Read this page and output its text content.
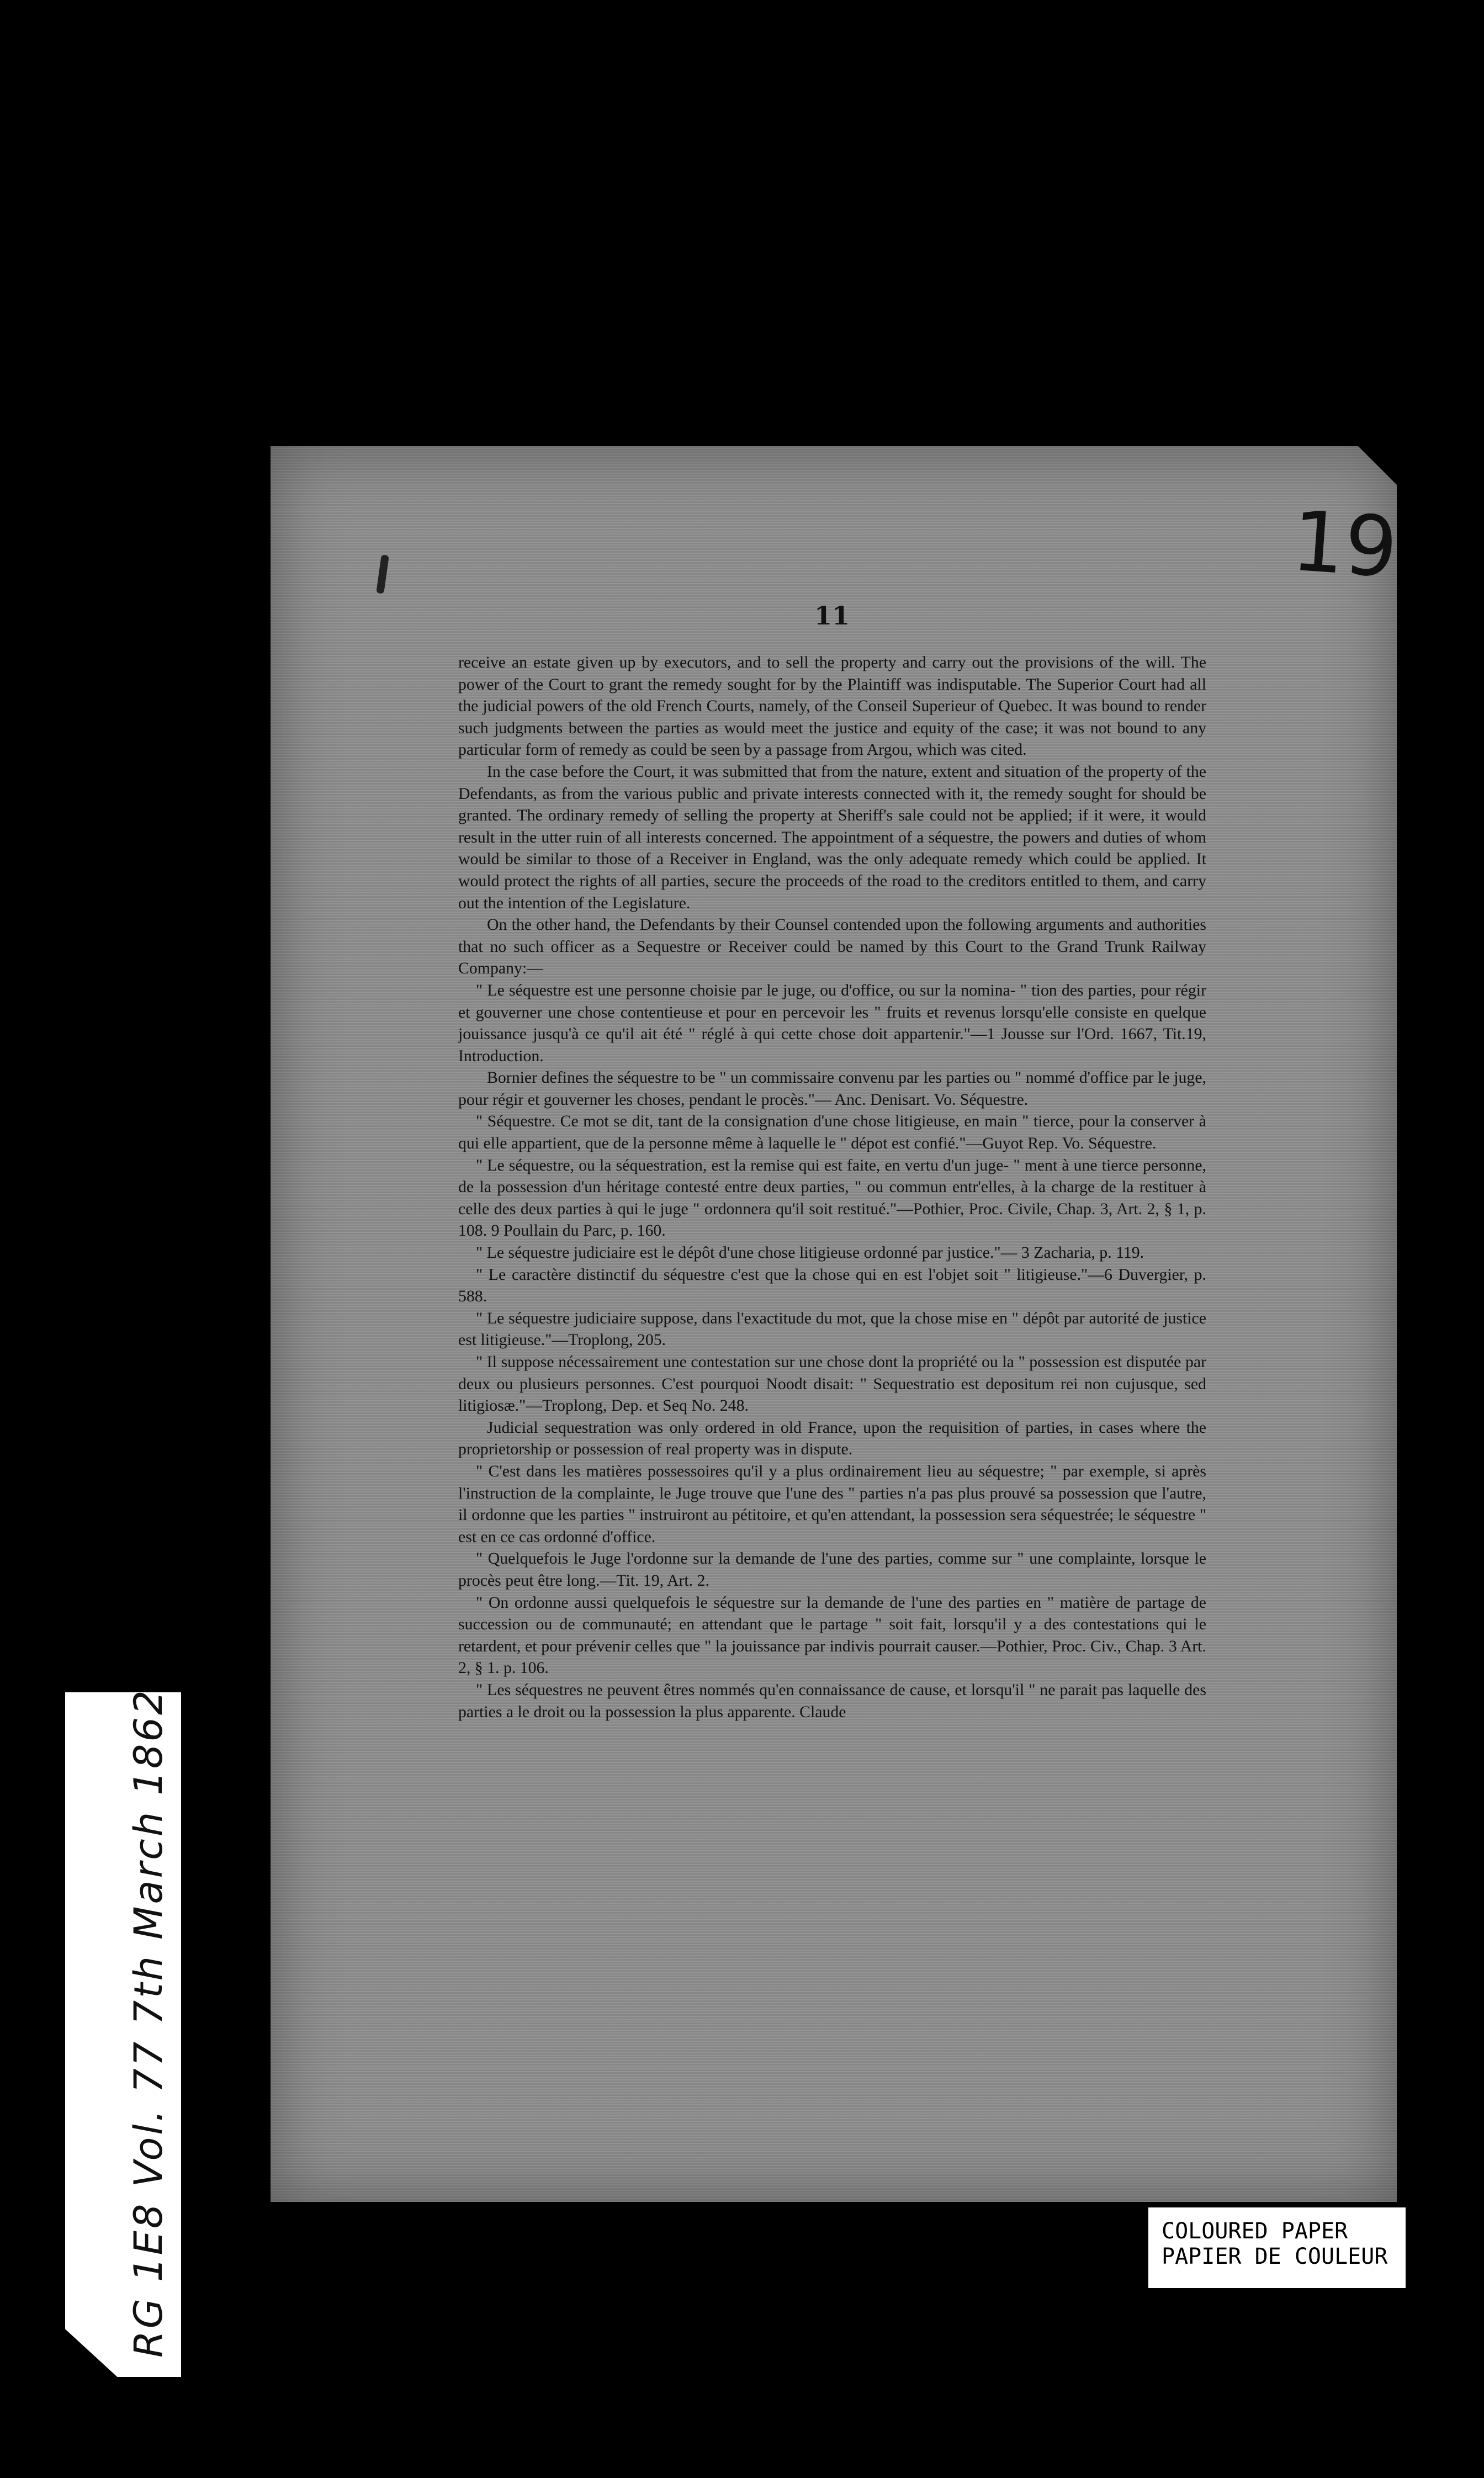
19
11

receive an estate given up by executors, and to sell the property and carry out the provisions of the will. The power of the Court to grant the remedy sought for by the Plaintiff was indisputable. The Superior Court had all the judicial powers of the old French Courts, namely, of the Conseil Superieur of Quebec. It was bound to render such judgments between the parties as would meet the justice and equity of the case; it was not bound to any particular form of remedy as could be seen by a passage from Argou, which was cited.

In the case before the Court, it was submitted that from the nature, extent and situation of the property of the Defendants, as from the various public and private interests connected with it, the remedy sought for should be granted. The ordinary remedy of selling the property at Sheriff's sale could not be applied; if it were, it would result in the utter ruin of all interests concerned. The appointment of a séquestre, the powers and duties of whom would be similar to those of a Receiver in England, was the only adequate remedy which could be applied. It would protect the rights of all parties, secure the proceeds of the road to the creditors entitled to them, and carry out the intention of the Legislature.

On the other hand, the Defendants by their Counsel contended upon the following arguments and authorities that no such officer as a Sequestre or Receiver could be named by this Court to the Grand Trunk Railway Company:—

" Le séquestre est une personne choisie par le juge, ou d'office, ou sur la nomina- " tion des parties, pour régir et gouverner une chose contentieuse et pour en percevoir les " fruits et revenus lorsqu'elle consiste en quelque jouissance jusqu'à ce qu'il ait été " réglé à qui cette chose doit appartenir."—1 Jousse sur l'Ord. 1667, Tit.19, Introduction.

Bornier defines the séquestre to be " un commissaire convenu par les parties ou " nommé d'office par le juge, pour régir et gouverner les choses, pendant le procès."— Anc. Denisart. Vo. Séquestre.

" Séquestre. Ce mot se dit, tant de la consignation d'une chose litigieuse, en main " tierce, pour la conserver à qui elle appartient, que de la personne même à laquelle le " dépot est confié."—Guyot Rep. Vo. Séquestre.

" Le séquestre, ou la séquestration, est la remise qui est faite, en vertu d'un juge- " ment à une tierce personne, de la possession d'un héritage contesté entre deux parties, " ou commun entr'elles, à la charge de la restituer à celle des deux parties à qui le juge " ordonnera qu'il soit restitué."—Pothier, Proc. Civile, Chap. 3, Art. 2, § 1, p. 108. 9 Poullain du Parc, p. 160.

" Le séquestre judiciaire est le dépôt d'une chose litigieuse ordonné par justice."— 3 Zacharia, p. 119.

" Le caractère distinctif du séquestre c'est que la chose qui en est l'objet soit " litigieuse."—6 Duvergier, p. 588.

" Le séquestre judiciaire suppose, dans l'exactitude du mot, que la chose mise en " dépôt par autorité de justice est litigieuse."—Troplong, 205.

" Il suppose nécessairement une contestation sur une chose dont la propriété ou la " possession est disputée par deux ou plusieurs personnes. C'est pourquoi Noodt disait: " Sequestratio est depositum rei non cujusque, sed litigiosæ."—Troplong, Dep. et Seq No. 248.

Judicial sequestration was only ordered in old France, upon the requisition of parties, in cases where the proprietorship or possession of real property was in dispute.

" C'est dans les matières possessoires qu'il y a plus ordinairement lieu au séquestre; " par exemple, si après l'instruction de la complainte, le Juge trouve que l'une des " parties n'a pas plus prouvé sa possession que l'autre, il ordonne que les parties " instruiront au pétitoire, et qu'en attendant, la possession sera séquestrée; le séquestre " est en ce cas ordonné d'office.

" Quelquefois le Juge l'ordonne sur la demande de l'une des parties, comme sur " une complainte, lorsque le procès peut être long.—Tit. 19, Art. 2.

" On ordonne aussi quelquefois le séquestre sur la demande de l'une des parties en " matière de partage de succession ou de communauté; en attendant que le partage " soit fait, lorsqu'il y a des contestations qui le retardent, et pour prévenir celles que " la jouissance par indivis pourrait causer.—Pothier, Proc. Civ., Chap. 3 Art. 2, § 1. p. 106.

" Les séquestres ne peuvent êtres nommés qu'en connaissance de cause, et lorsqu'il " ne parait pas laquelle des parties a le droit ou la possession la plus apparente. Claude

RG 1E8 Vol. 77 7th March 1862	COLOURED PAPER
PAPIER DE COULEUR
